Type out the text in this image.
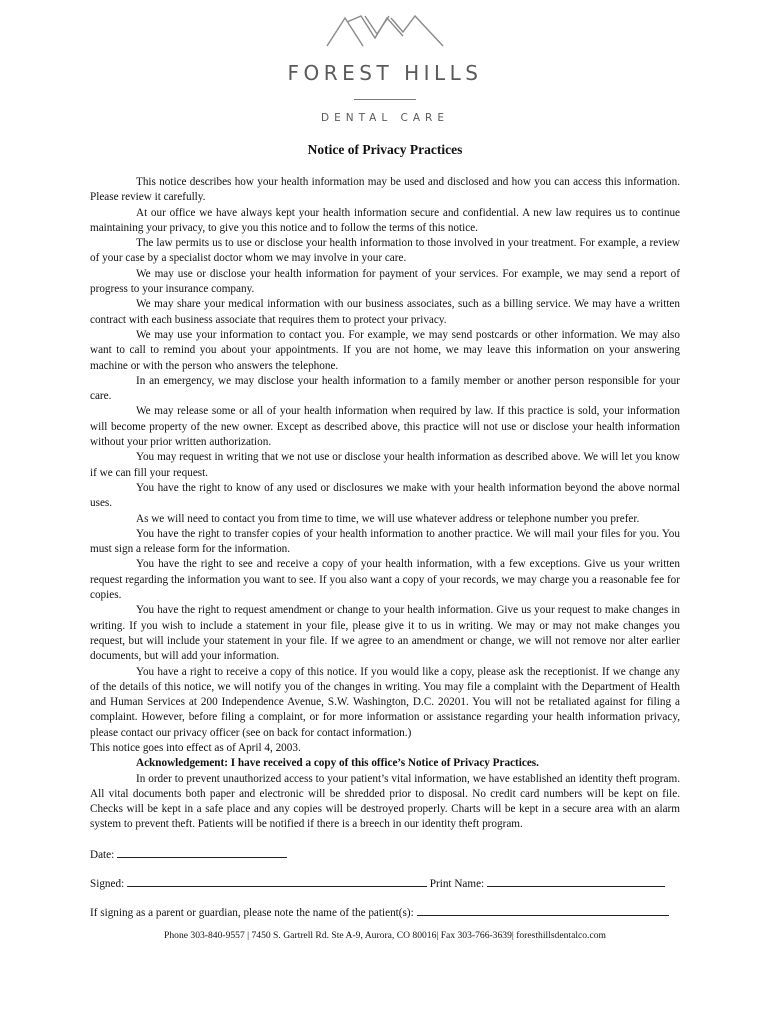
FOREST HILLS
DENTAL CARE
Notice of Privacy Practices

This notice describes how your health information may be used and disclosed and how you can access this information. Please review it carefully.

At our office we have always kept your health information secure and confidential. A new law requires us to continue maintaining your privacy, to give you this notice and to follow the terms of this notice.

The law permits us to use or disclose your health information to those involved in your treatment. For example, a review of your case by a specialist doctor whom we may involve in your care.

We may use or disclose your health information for payment of your services. For example, we may send a report of progress to your insurance company.

We may share your medical information with our business associates, such as a billing service. We may have a written contract with each business associate that requires them to protect your privacy.

We may use your information to contact you. For example, we may send postcards or other information. We may also want to call to remind you about your appointments. If you are not home, we may leave this information on your answering machine or with the person who answers the telephone.

In an emergency, we may disclose your health information to a family member or another person responsible for your care.

We may release some or all of your health information when required by law. If this practice is sold, your information will become property of the new owner. Except as described above, this practice will not use or disclose your health information without your prior written authorization.

You may request in writing that we not use or disclose your health information as described above. We will let you know if we can fill your request.

You have the right to know of any used or disclosures we make with your health information beyond the above normal uses.

As we will need to contact you from time to time, we will use whatever address or telephone number you prefer.

You have the right to transfer copies of your health information to another practice. We will mail your files for you. You must sign a release form for the information.

You have the right to see and receive a copy of your health information, with a few exceptions. Give us your written request regarding the information you want to see. If you also want a copy of your records, we may charge you a reasonable fee for copies.

You have the right to request amendment or change to your health information. Give us your request to make changes in writing. If you wish to include a statement in your file, please give it to us in writing. We may or may not make changes you request, but will include your statement in your file. If we agree to an amendment or change, we will not remove nor alter earlier documents, but will add your information.

You have a right to receive a copy of this notice. If you would like a copy, please ask the receptionist. If we change any of the details of this notice, we will notify you of the changes in writing. You may file a complaint with the Department of Health and Human Services at 200 Independence Avenue, S.W. Washington, D.C. 20201. You will not be retaliated against for filing a complaint. However, before filing a complaint, or for more information or assistance regarding your health information privacy, please contact our privacy officer (see on back for contact information.)

This notice goes into effect as of April 4, 2003.

Acknowledgement: I have received a copy of this office’s Notice of Privacy Practices.

In order to prevent unauthorized access to your patient’s vital information, we have established an identity theft program. All vital documents both paper and electronic will be shredded prior to disposal. No credit card numbers will be kept on file. Checks will be kept in a safe place and any copies will be destroyed properly. Charts will be kept in a secure area with an alarm system to prevent theft. Patients will be notified if there is a breech in our identity theft program.

Date:
Signed:	Print Name:
If signing as a parent or guardian, please note the name of the patient(s):
Phone 303-840-9557 | 7450 S. Gartrell Rd. Ste A-9, Aurora, CO 80016| Fax 303-766-3639| foresthillsdentalco.com
